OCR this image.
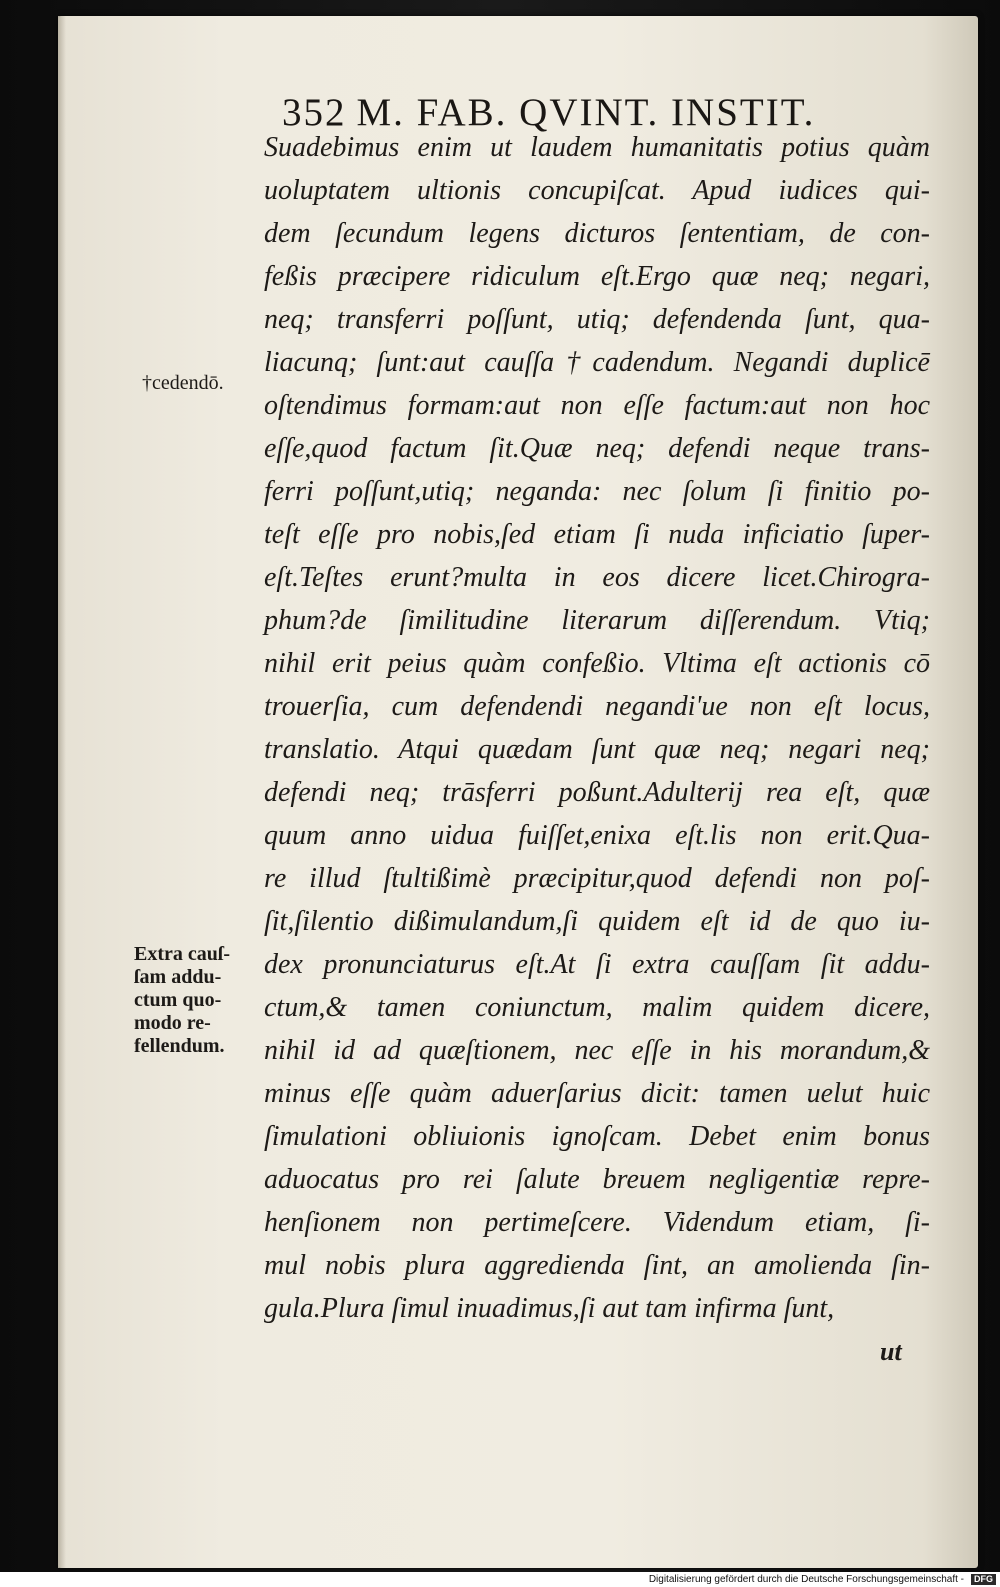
352 M. FAB. QVINT. INSTIT.
Suadebimus enim ut laudem humanitatis potius quàm
uoluptatem ultionis concupiſcat. Apud iudices qui-
dem ſecundum legens dicturos ſententiam, de con-
feßis præcipere ridiculum eſt.Ergo quæ neq; negari,
neq; transferri poſſunt, utiq; defendenda ſunt, qua-
liacunq; ſunt:aut cauſſa†cadendum. Negandi duplicē
oſtendimus formam:aut non eſſe factum:aut non hoc
eſſe,quod factum ſit.Quæ neq; defendi neque trans-
ferri poſſunt,utiq; neganda: nec ſolum ſi finitio po-
teſt eſſe pro nobis,ſed etiam ſi nuda inficiatio ſuper-
eſt.Teſtes erunt?multa in eos dicere licet.Chirogra-
phum?de ſimilitudine literarum diſſerendum. Vtiq;
nihil erit peius quàm confeßio. Vltima eſt actionis cō
trouerſia, cum defendendi negandi'ue non eſt locus,
translatio. Atqui quædam ſunt quæ neq; negari neq;
defendi neq; trāsferri poßunt.Adulterij rea eſt, quæ
quum anno uidua fuiſſet,enixa eſt.lis non erit.Qua-
re illud ſtultißimè præcipitur,quod defendi non poſ-
ſit,ſilentio dißimulandum,ſi quidem eſt id de quo iu-
dex pronunciaturus eſt.At ſi extra cauſſam ſit addu-
ctum,& tamen coniunctum, malim quidem dicere,
nihil id ad quæſtionem, nec eſſe in his morandum,&
minus eſſe quàm aduerſarius dicit: tamen uelut huic
ſimulationi obliuionis ignoſcam. Debet enim bonus
aduocatus pro rei ſalute breuem negligentiæ repre-
henſionem non pertimeſcere. Videndum etiam, ſi-
mul nobis plura aggredienda ſint, an amolienda ſin-
gula.Plura ſimul inuadimus,ſi aut tam infirma ſunt,
ut
†cedendō.
Extra cauſ-
ſam addu-
ctum quo-
modo re-
fellendum.
Digitalisierung gefördert durch die Deutsche Forschungsgemeinschaft -	DFG
